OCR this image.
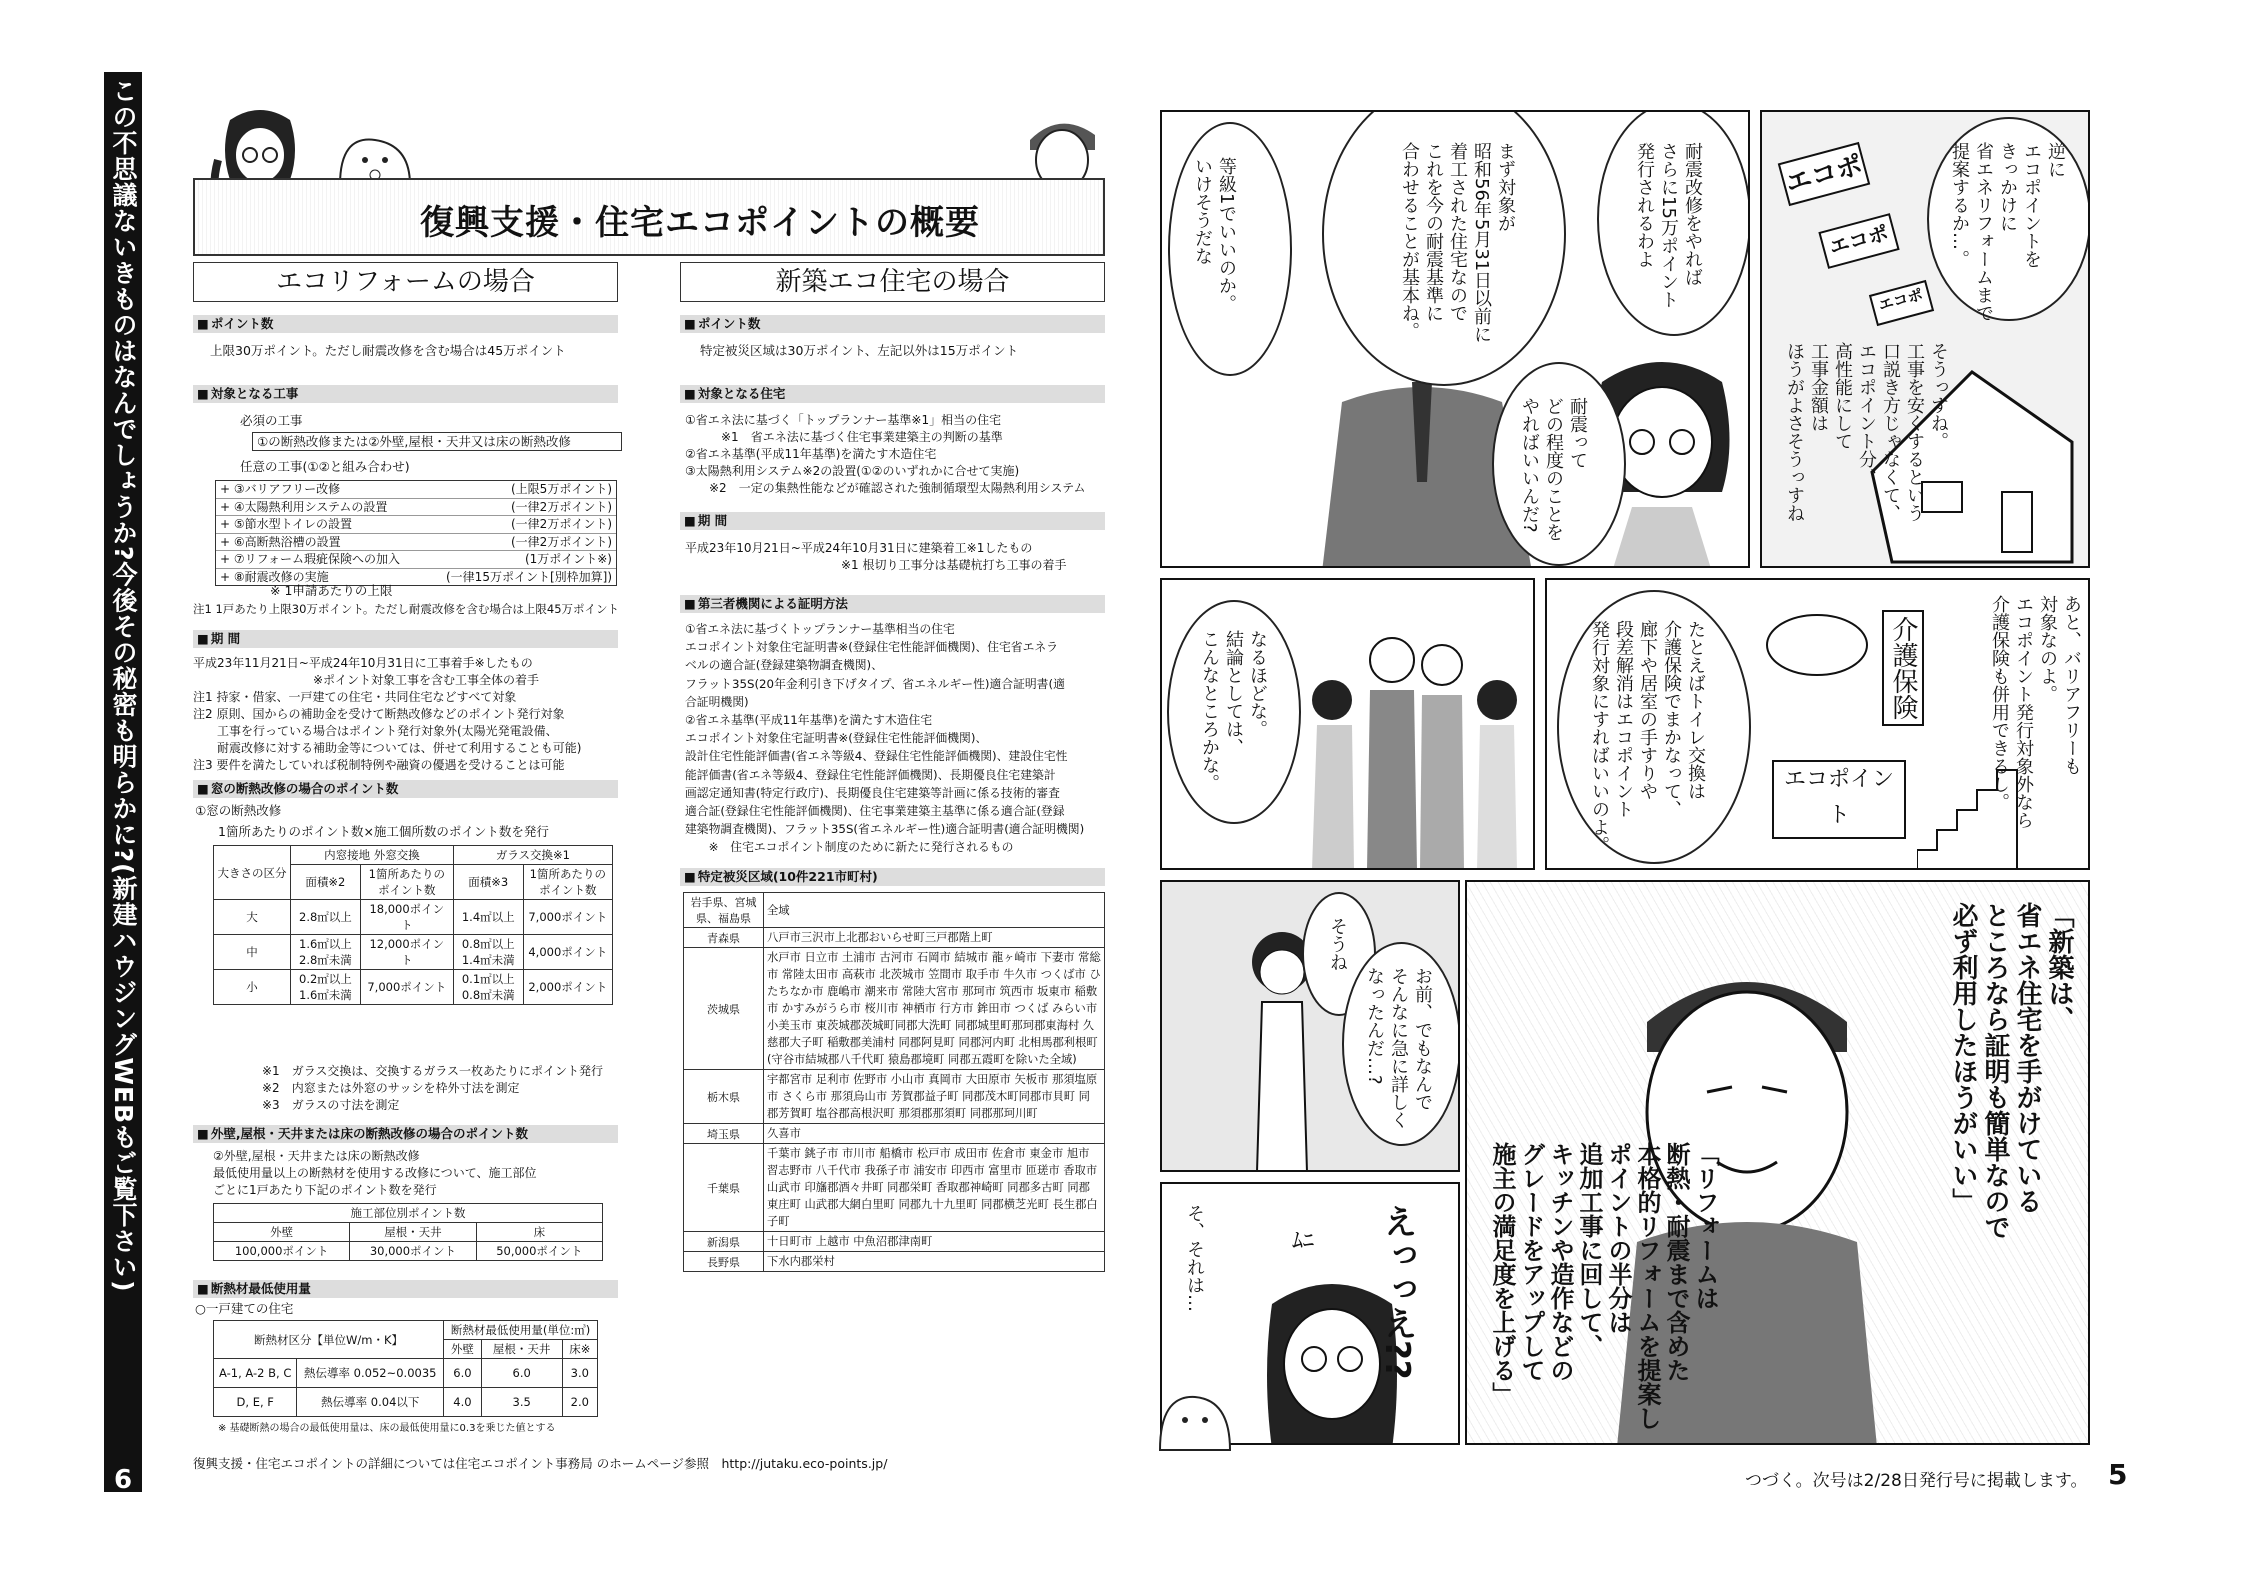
この不思議ないきものはなんでしょうか?今後その秘密も明らかに?(新建ハウジングWEBもご覧下さい)
6
復興支援・住宅エコポイントの概要
エコリフォームの場合
■ ポイント数
上限30万ポイント。ただし耐震改修を含む場合は45万ポイント
■ 対象となる工事
必須の工事
①の断熱改修または②外壁,屋根・天井又は床の断熱改修
任意の工事(①②と組み合わせ)
+ ③バリアフリー改修	(上限5万ポイント)
+ ④太陽熱利用システムの設置	(一律2万ポイント)
+ ⑤節水型トイレの設置	(一律2万ポイント)
+ ⑥高断熱浴槽の設置	(一律2万ポイント)
+ ⑦リフォーム瑕疵保険への加入	(1万ポイント※)
+ ⑧耐震改修の実施	(一律15万ポイント[別枠加算])
※ 1申請あたりの上限
注1 1戸あたり上限30万ポイント。ただし耐震改修を含む場合は上限45万ポイント
■ 期 間
平成23年11月21日~平成24年10月31日に工事着手※したもの
　　　　　　　　　　※ポイント対象工事を含む工事全体の着手
注1 持家・借家、一戸建ての住宅・共同住宅などすべて対象
注2 原則、国からの補助金を受けて断熱改修などのポイント発行対象
　　工事を行っている場合はポイント発行対象外(太陽光発電設備、
　　耐震改修に対する補助金等については、併せて利用することも可能)
注3 要件を満たしていれば税制特例や融資の優遇を受けることは可能
■ 窓の断熱改修の場合のポイント数
①窓の断熱改修
1箇所あたりのポイント数×施工個所数のポイント数を発行
大きさの区分	内窓接地 外窓交換		ガラス交換※1	
	面積※2	1箇所あたりのポイント数	面積※3	1箇所あたりのポイント数
大	2.8㎡以上	18,000ポイント	1.4㎡以上	7,000ポイント
中	1.6㎡以上 2.8㎡未満	12,000ポイント	0.8㎡以上 1.4㎡未満	4,000ポイント
小	0.2㎡以上 1.6㎡未満	7,000ポイント	0.1㎡以上 0.8㎡未満	2,000ポイント
※1　ガラス交換は、交換するガラス一枚あたりにポイント発行
※2　内窓または外窓のサッシを枠外寸法を測定
※3　ガラスの寸法を測定
■ 外壁,屋根・天井または床の断熱改修の場合のポイント数
②外壁,屋根・天井または床の断熱改修
最低使用量以上の断熱材を使用する改修について、施工部位
ごとに1戸あたり下記のポイント数を発行
施工部位別ポイント数		
外壁	屋根・天井	床
100,000ポイント	30,000ポイント	50,000ポイント
■ 断熱材最低使用量
○一戸建ての住宅
断熱材区分【単位W/m・K】		断熱材最低使用量(単位:㎥)		
		外壁	屋根・天井	床※
A-1, A-2 B, C	熱伝導率 0.052~0.0035	6.0	6.0	3.0
D, E, F	熱伝導率 0.04以下	4.0	3.5	2.0
※ 基礎断熱の場合の最低使用量は、床の最低使用量に0.3を乗じた値とする
新築エコ住宅の場合
■ ポイント数
特定被災区域は30万ポイント、左記以外は15万ポイント
■ 対象となる住宅
①省エネ法に基づく「トップランナー基準※1」相当の住宅
　　　※1　省エネ法に基づく住宅事業建築主の判断の基準
②省エネ基準(平成11年基準)を満たす木造住宅
③太陽熱利用システム※2の設置(①②のいずれかに合せて実施)
　　※2　一定の集熱性能などが確認された強制循環型太陽熱利用システム
■ 期 間
平成23年10月21日~平成24年10月31日に建築着工※1したもの
　　　　　　　　　　　　　※1 根切り工事分は基礎杭打ち工事の着手
■ 第三者機関による証明方法
①省エネ法に基づくトップランナー基準相当の住宅
エコポイント対象住宅証明書※(登録住宅性能評価機関)、住宅省エネラ
ベルの適合証(登録建築物調査機関)、
フラット35S(20年金利引き下げタイプ、省エネルギー性)適合証明書(適
合証明機関)
②省エネ基準(平成11年基準)を満たす木造住宅
エコポイント対象住宅証明書※(登録住宅性能評価機関)、
設計住宅性能評価書(省エネ等級4、登録住宅性能評価機関)、建設住宅性
能評価書(省エネ等級4、登録住宅性能評価機関)、長期優良住宅建築計
画認定通知書(特定行政庁)、長期優良住宅建築等計画に係る技術的審査
適合証(登録住宅性能評価機関)、住宅事業建築主基準に係る適合証(登録
建築物調査機関)、フラット35S(省エネルギー性)適合証明書(適合証明機関)
　　※　住宅エコポイント制度のために新たに発行されるもの
■ 特定被災区域(10件221市町村)
岩手県、宮城県、福島県	全域
青森県	八戸市三沢市上北郡おいらせ町三戸郡階上町
茨城県	水戸市 日立市 土浦市 古河市 石岡市 結城市 龍ヶ崎市 下妻市 常総市 常陸太田市 高萩市 北茨城市 笠間市 取手市 牛久市 つくば市 ひたちなか市 鹿嶋市 潮来市 常陸大宮市 那珂市 筑西市 坂東市 稲敷市 かすみがうら市 桜川市 神栖市 行方市 鉾田市 つくば みらい市 小美玉市 東茨城郡茨城町同郡大洗町 同郡城里町那珂郡東海村 久慈郡大子町 稲敷郡美浦村 同郡阿見町 同郡河内町 北相馬郡利根町 (守谷市結城郡八千代町 猿島郡境町 同郡五霞町を除いた全域)
栃木県	宇都宮市 足利市 佐野市 小山市 真岡市 大田原市 矢板市 那須塩原市 さくら市 那須烏山市 芳賀郡益子町 同郡茂木町同郡市貝町 同郡芳賀町 塩谷郡高根沢町 那須郡那須町 同郡那珂川町
埼玉県	久喜市
千葉県	千葉市 銚子市 市川市 船橋市 松戸市 成田市 佐倉市 東金市 旭市 習志野市 八千代市 我孫子市 浦安市 印西市 富里市 匝瑳市 香取市 山武市 印旛郡酒々井町 同郡栄町 香取郡神崎町 同郡多古町 同郡東庄町 山武郡大網白里町 同郡九十九里町 同郡横芝光町 長生郡白子町
新潟県	十日町市 上越市 中魚沼郡津南町
長野県	下水内郡栄村
復興支援・住宅エコポイントの詳細については住宅エコポイント事務局 のホームページ参照　http://jutaku.eco-points.jp/
等級1でいいのか。
いけそうだな	まず対象が
昭和56年5月31日以前に
着工された住宅なので
これを今の耐震基準に
合わせることが基本ね。	耐震改修をやれば
さらに15万ポイント
発行されるわよ
耐震って
どの程度のことを
やればいいんだ?
エコポ
エコポ
エコポ
逆に
エコポイントを
きっかけに
省エネリフォームまで
提案するか…。
そうっすね。
工事を安くするという
口説き方じゃなくて、
エコポイント分、
高性能にして
工事金額は
ほうがよさそうっすね
なるほどな。
結論としては、
こんなところかな。	たとえばトイレ交換は
介護保険でまかなって、
廊下や居室の手すりや
段差解消はエコポイント
発行対象にすればいいのよ。	介護保険
エコポイント
あと、バリアフリーも
対象なのよ。
エコポイント発行対象外なら
介護保険も併用できるし。
そうね
お前、でもなんで
そんなに急に詳しく
なったんだ…?	「新築は、
省エネ住宅を手がけている
ところなら証明も簡単なので
必ず利用したほうがいい」
「リフォームは
断熱・耐震まで含めた
本格的リフォームを提案し
ポイントの半分は
追加工事に回して、
キッチンや造作などの
グレードをアップして
施主の満足度を上げる」
そ、それは…	えっっえ??
ﾑﾆ
つづく。次号は2/28日発行号に掲載します。 5
